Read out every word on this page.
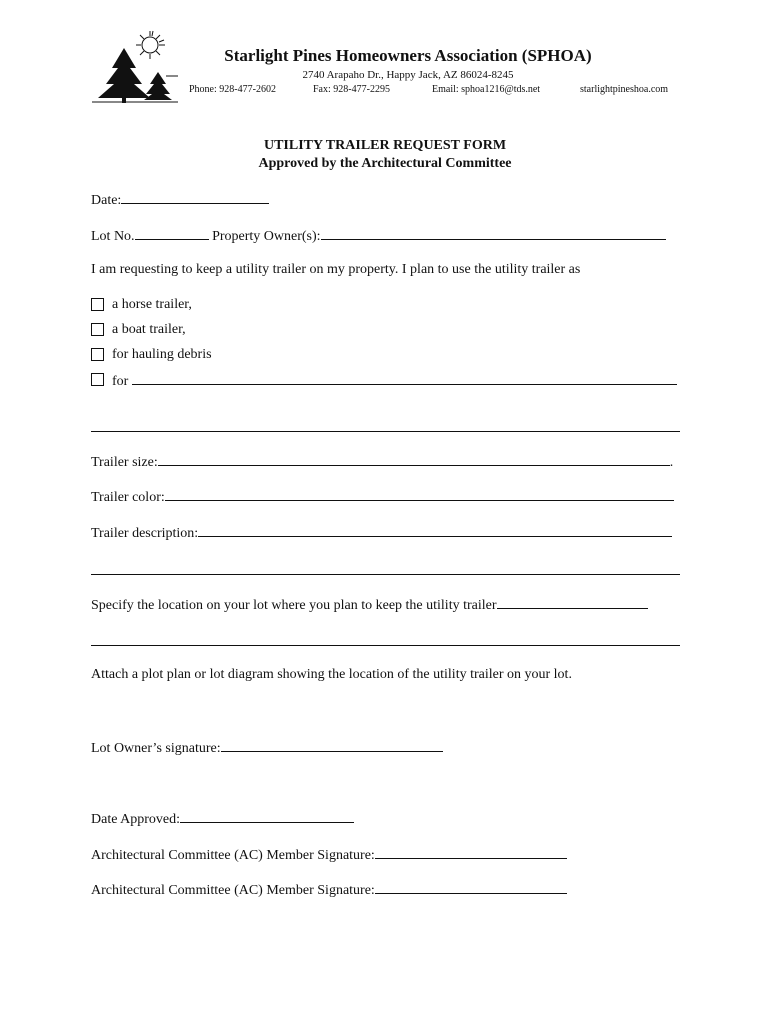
Starlight Pines Homeowners Association (SPHOA)
2740 Arapaho Dr., Happy Jack, AZ 86024-8245
Phone: 928-477-2602	Fax: 928-477-2295	Email: sphoa1216@tds.net	starlightpineshoa.com
UTILITY TRAILER REQUEST FORM
Approved by the Architectural Committee
Date:
Lot No.	Property Owner(s):
I am requesting to keep a utility trailer on my property. I plan to use the utility trailer as
a horse trailer,
a boat trailer,
for hauling debris
for
Trailer size:	.
Trailer color:
Trailer description:
Specify the location on your lot where you plan to keep the utility trailer
Attach a plot plan or lot diagram showing the location of the utility trailer on your lot.
Lot Owner’s signature:
Date Approved:
Architectural Committee (AC) Member Signature:
Architectural Committee (AC) Member Signature:
